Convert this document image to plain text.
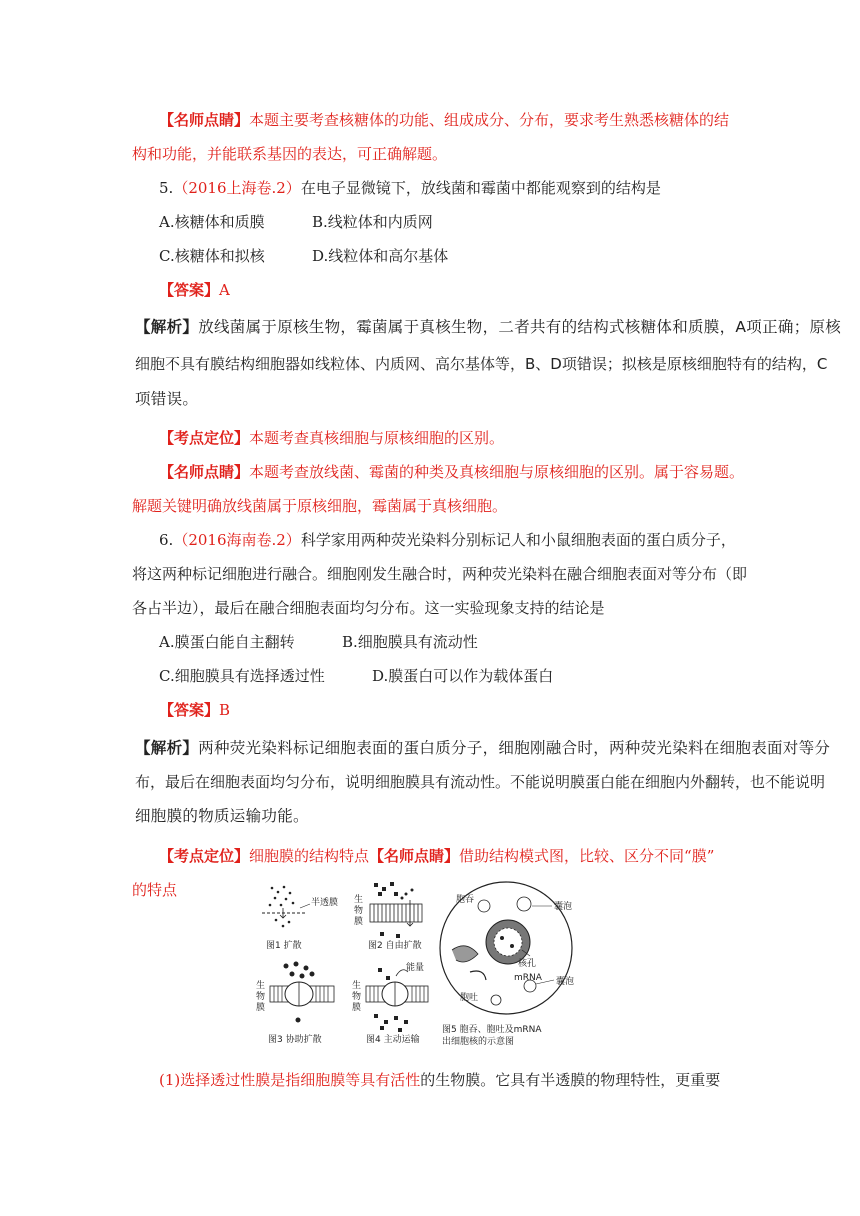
【名师点睛】本题主要考查核糖体的功能、组成成分、分布，要求考生熟悉核糖体的结
构和功能，并能联系基因的表达，可正确解题。
5.（2016上海卷.2）在电子显微镜下，放线菌和霉菌中都能观察到的结构是
A.核糖体和质膜	B.线粒体和内质网
C.核糖体和拟核	D.线粒体和高尔基体
【答案】A
【解析】放线菌属于原核生物，霉菌属于真核生物，二者共有的结构式核糖体和质膜，A项正确；原核
细胞不具有膜结构细胞器如线粒体、内质网、高尔基体等，B、D项错误；拟核是原核细胞特有的结构，C
项错误。
【考点定位】本题考查真核细胞与原核细胞的区别。
【名师点睛】本题考查放线菌、霉菌的种类及真核细胞与原核细胞的区别。属于容易题。
解题关键明确放线菌属于原核细胞，霉菌属于真核细胞。
6.（2016海南卷.2）科学家用两种荧光染料分别标记人和小鼠细胞表面的蛋白质分子，
将这两种标记细胞进行融合。细胞刚发生融合时，两种荧光染料在融合细胞表面对等分布（即
各占半边），最后在融合细胞表面均匀分布。这一实验现象支持的结论是
A.膜蛋白能自主翻转	B.细胞膜具有流动性
C.细胞膜具有选择透过性	D.膜蛋白可以作为载体蛋白
【答案】B
【解析】两种荧光染料标记细胞表面的蛋白质分子，细胞刚融合时，两种荧光染料在细胞表面对等分
布，最后在细胞表面均匀分布，说明细胞膜具有流动性。不能说明膜蛋白能在细胞内外翻转，也不能说明
细胞膜的物质运输功能。
【考点定位】细胞膜的结构特点【名师点睛】借助结构模式图，比较、区分不同“膜”
的特点
半透膜
图1 扩散
生
物
膜
图2 自由扩散
生
物
膜
图3 协助扩散
生
物
膜
能量
图4 主动运输
胞吞
囊泡
核孔
mRNA 囊泡
胞吐
图5 胞吞、胞吐及mRNA
出细胞核的示意图
(1)选择透过性膜是指细胞膜等具有活性的生物膜。它具有半透膜的物理特性，更重要
